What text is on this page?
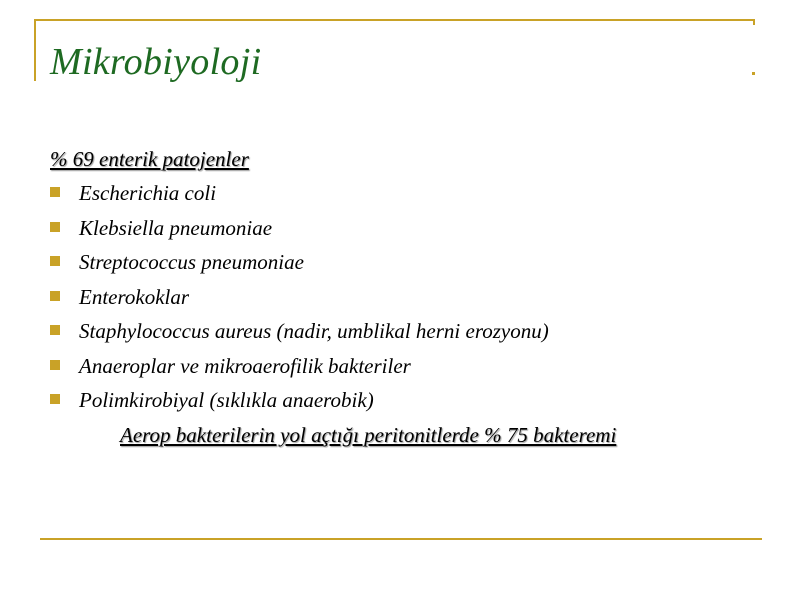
Mikrobiyoloji
% 69 enterik patojenler
Escherichia coli
Klebsiella pneumoniae
Streptococcus pneumoniae
Enterokoklar
Staphylococcus aureus (nadir, umblikal herni erozyonu)
Anaeroplar ve mikroaerofilik bakteriler
Polimkirobiyal (sıklıkla anaerobik)
Aerop bakterilerin yol açtığı peritonitlerde % 75 bakteremi
